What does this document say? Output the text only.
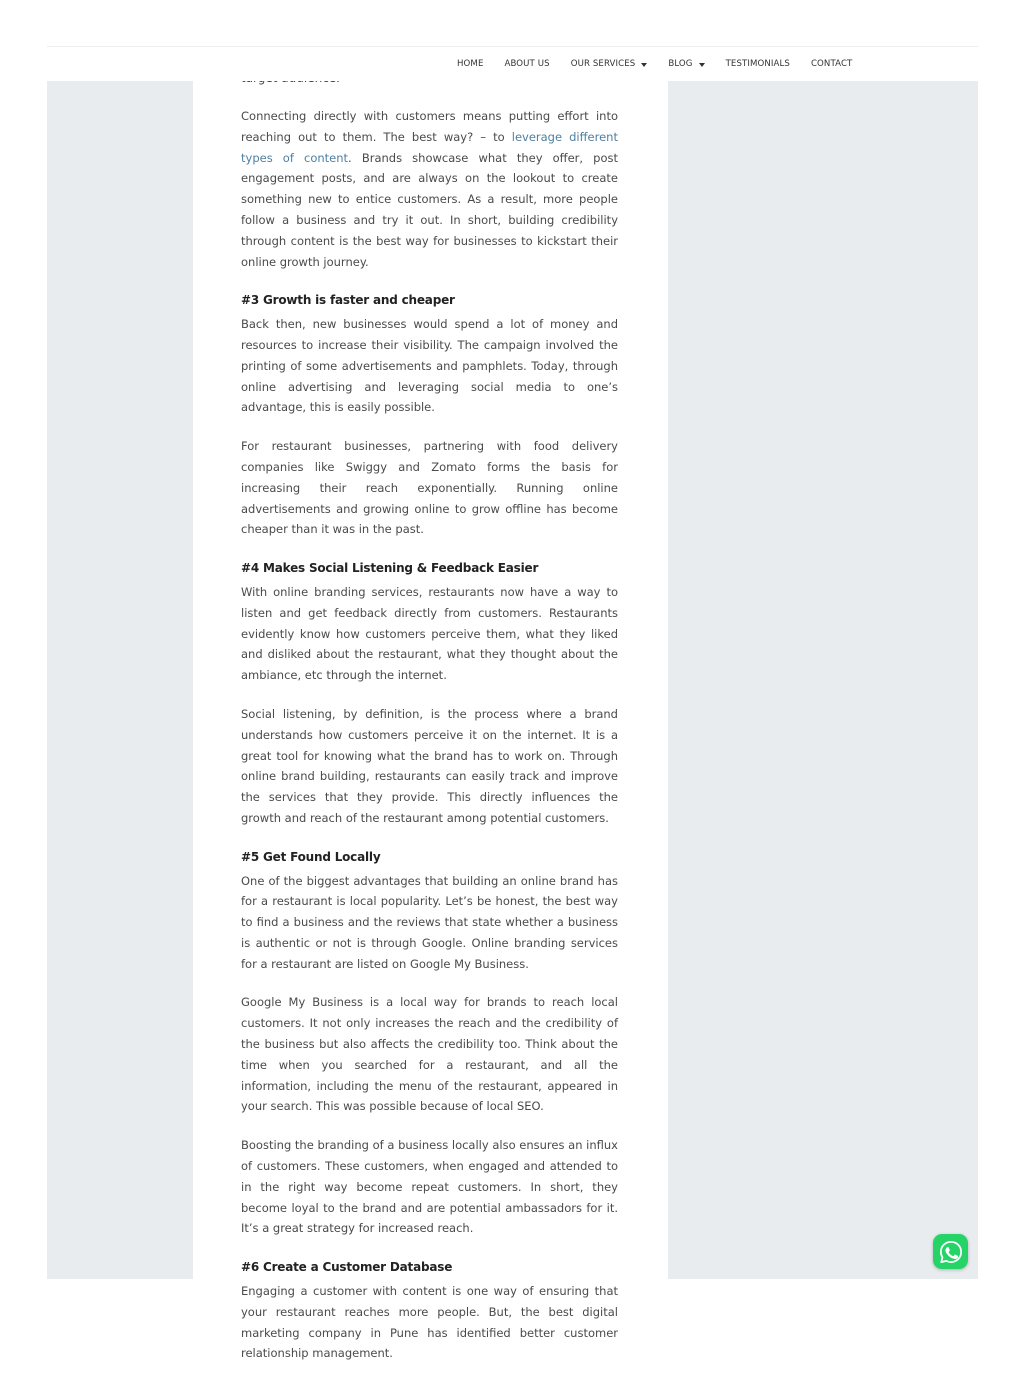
HOME ABOUT US OUR SERVICES	BLOG	TESTIMONIALS CONTACT

Connecting directly with customers means putting effort into reaching out to them. The best way? – to leverage different types of content. Brands showcase what they offer, post engagement posts, and are always on the lookout to create something new to entice customers. As a result, more people follow a business and try it out. In short, building credibility through content is the best way for businesses to kickstart their online growth journey.

#3 Growth is faster and cheaper

Back then, new businesses would spend a lot of money and resources to increase their visibility. The campaign involved the printing of some advertisements and pamphlets. Today, through online advertising and leveraging social media to one’s advantage, this is easily possible.

For restaurant businesses, partnering with food delivery companies like Swiggy and Zomato forms the basis for increasing their reach exponentially. Running online advertisements and growing online to grow offline has become cheaper than it was in the past.

#4 Makes Social Listening & Feedback Easier

With online branding services, restaurants now have a way to listen and get feedback directly from customers. Restaurants evidently know how customers perceive them, what they liked and disliked about the restaurant, what they thought about the ambiance, etc through the internet.

Social listening, by definition, is the process where a brand understands how customers perceive it on the internet. It is a great tool for knowing what the brand has to work on. Through online brand building, restaurants can easily track and improve the services that they provide. This directly influences the growth and reach of the restaurant among potential customers.

#5 Get Found Locally

One of the biggest advantages that building an online brand has for a restaurant is local popularity. Let’s be honest, the best way to find a business and the reviews that state whether a business is authentic or not is through Google. Online branding services for a restaurant are listed on Google My Business.

Google My Business is a local way for brands to reach local customers. It not only increases the reach and the credibility of the business but also affects the credibility too. Think about the time when you searched for a restaurant, and all the information, including the menu of the restaurant, appeared in your search. This was possible because of local SEO.

Boosting the branding of a business locally also ensures an influx of customers. These customers, when engaged and attended to in the right way become repeat customers. In short, they become loyal to the brand and are potential ambassadors for it. It’s a great strategy for increased reach.

#6 Create a Customer Database

Engaging a customer with content is one way of ensuring that your restaurant reaches more people. But, the best digital marketing company in Pune has identified better customer relationship management.
